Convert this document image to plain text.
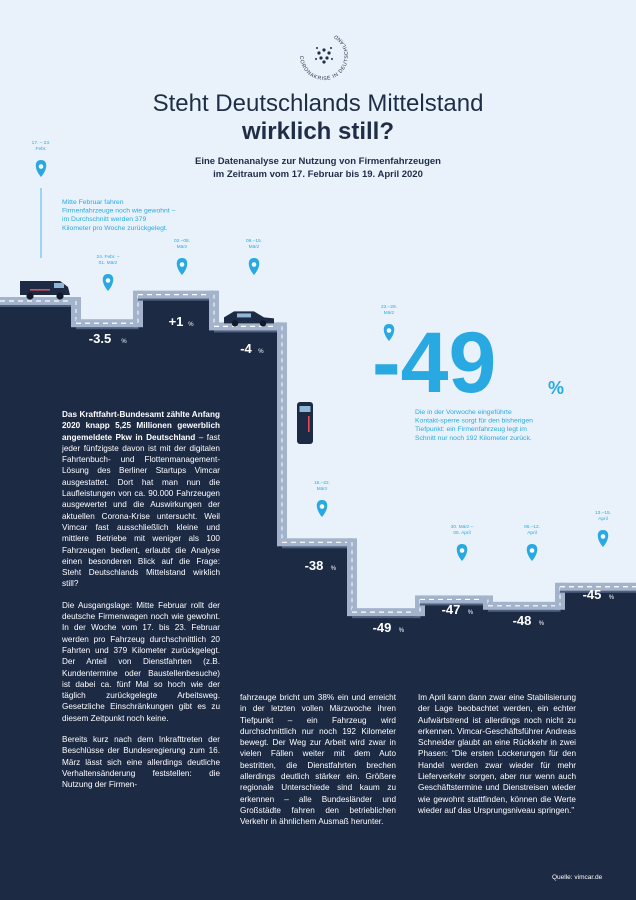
CORONAKRISE IN DEUTSCHLAND
Steht Deutschlands Mittelstand
wirklich still?
Eine Datenanalyse zur Nutzung von Firmenfahrzeugen
im Zeitraum vom 17. Februar bis 19. April 2020
17. – 23. Febr.
24. Febr. – 01. März
02.–08. März
09.–15. März
16.–22. März
23.–29. März
30. März – 05. April
06.–12. April
13.–15. April
-3.5 %
+1 %
-4 %
-38 %
-49 %
-47 %	-48 %
-45 %
Mitte Februar fahren Firmenfahrzeuge noch wie gewohnt – im Durchschnitt werden 379 Kilometer pro Woche zurückgelegt.
-49	%
Die in der Vorwoche eingeführte Kontakt-sperre sorgt für den bisherigen Tiefpunkt: ein Firmenfahrzeug legt im Schnitt nur noch 192 Kilometer zurück.

Das Kraftfahrt-Bundesamt zählte Anfang 2020 knapp 5,25 Millionen gewerblich angemeldete Pkw in Deutschland – fast jeder fünfzigste davon ist mit der digitalen Fahrtenbuch- und Flottenmanagement-Lösung des Berliner Startups Vimcar ausgestattet. Dort hat man nun die Laufleistungen von ca. 90.000 Fahrzeugen ausgewertet und die Auswirkungen der aktuellen Corona-Krise untersucht. Weil Vimcar fast ausschließlich kleine und mittlere Betriebe mit weniger als 100 Fahrzeugen bedient, erlaubt die Analyse einen besonderen Blick auf die Frage: Steht Deutschlands Mittelstand wirklich still?

Die Ausgangslage: Mitte Februar rollt der deutsche Firmenwagen noch wie gewohnt. In der Woche vom 17. bis 23. Februar werden pro Fahrzeug durchschnittlich 20 Fahrten und 379 Kilometer zurückgelegt. Der Anteil von Dienstfahrten (z.B. Kundentermine oder Baustellenbesuche) ist dabei ca. fünf Mal so hoch wie der täglich zurückgelegte Arbeitsweg. Gesetzliche Einschränkungen gibt es zu diesem Zeitpunkt noch keine.

Bereits kurz nach dem Inkrafttreten der Beschlüsse der Bundesregierung zum 16. März lässt sich eine allerdings deutliche Verhaltensänderung feststellen: die Nutzung der Firmen-

fahrzeuge bricht um 38% ein und erreicht in der letzten vollen Märzwoche ihren Tiefpunkt – ein Fahrzeug wird durchschnittlich nur noch 192 Kilometer bewegt. Der Weg zur Arbeit wird zwar in vielen Fällen weiter mit dem Auto bestritten, die Dienstfahrten brechen allerdings deutlich stärker ein. Größere regionale Unterschiede sind kaum zu erkennen – alle Bundesländer und Großstädte fahren den betrieblichen Verkehr in ähnlichem Ausmaß herunter.

Im April kann dann zwar eine Stabilisierung der Lage beobachtet werden, ein echter Aufwärtstrend ist allerdings noch nicht zu erkennen. Vimcar-Geschäftsführer Andreas Schneider glaubt an eine Rückkehr in zwei Phasen: “Die ersten Lockerungen für den Handel werden zwar wieder für mehr Lieferverkehr sorgen, aber nur wenn auch Geschäftstermine und Dienstreisen wieder wie gewohnt stattfinden, können die Werte wieder auf das Ursprungsniveau springen.”

Quelle: vimcar.de
